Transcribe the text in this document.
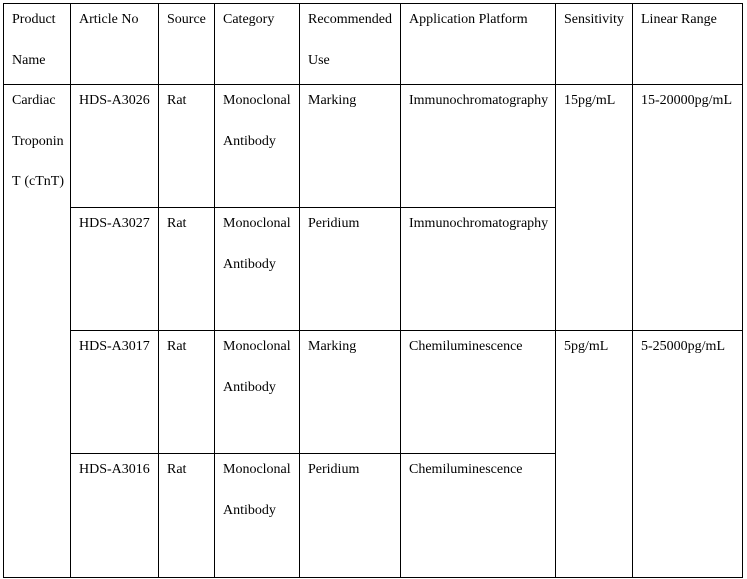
Product Name	Article No	Source	Category	Recommended Use	Application Platform	Sensitivity	Linear Range

Cardiac Troponin T (cTnT)	HDS-A3026	Rat	Monoclonal Antibody	Marking	Immunochromatography	15pg/mL	15-20000pg/mL

	HDS-A3027	Rat	Monoclonal Antibody	Peridium	Immunochromatography		

	HDS-A3017	Rat	Monoclonal Antibody	Marking	Chemiluminescence	5pg/mL	5-25000pg/mL

	HDS-A3016	Rat	Monoclonal Antibody	Peridium	Chemiluminescence		
